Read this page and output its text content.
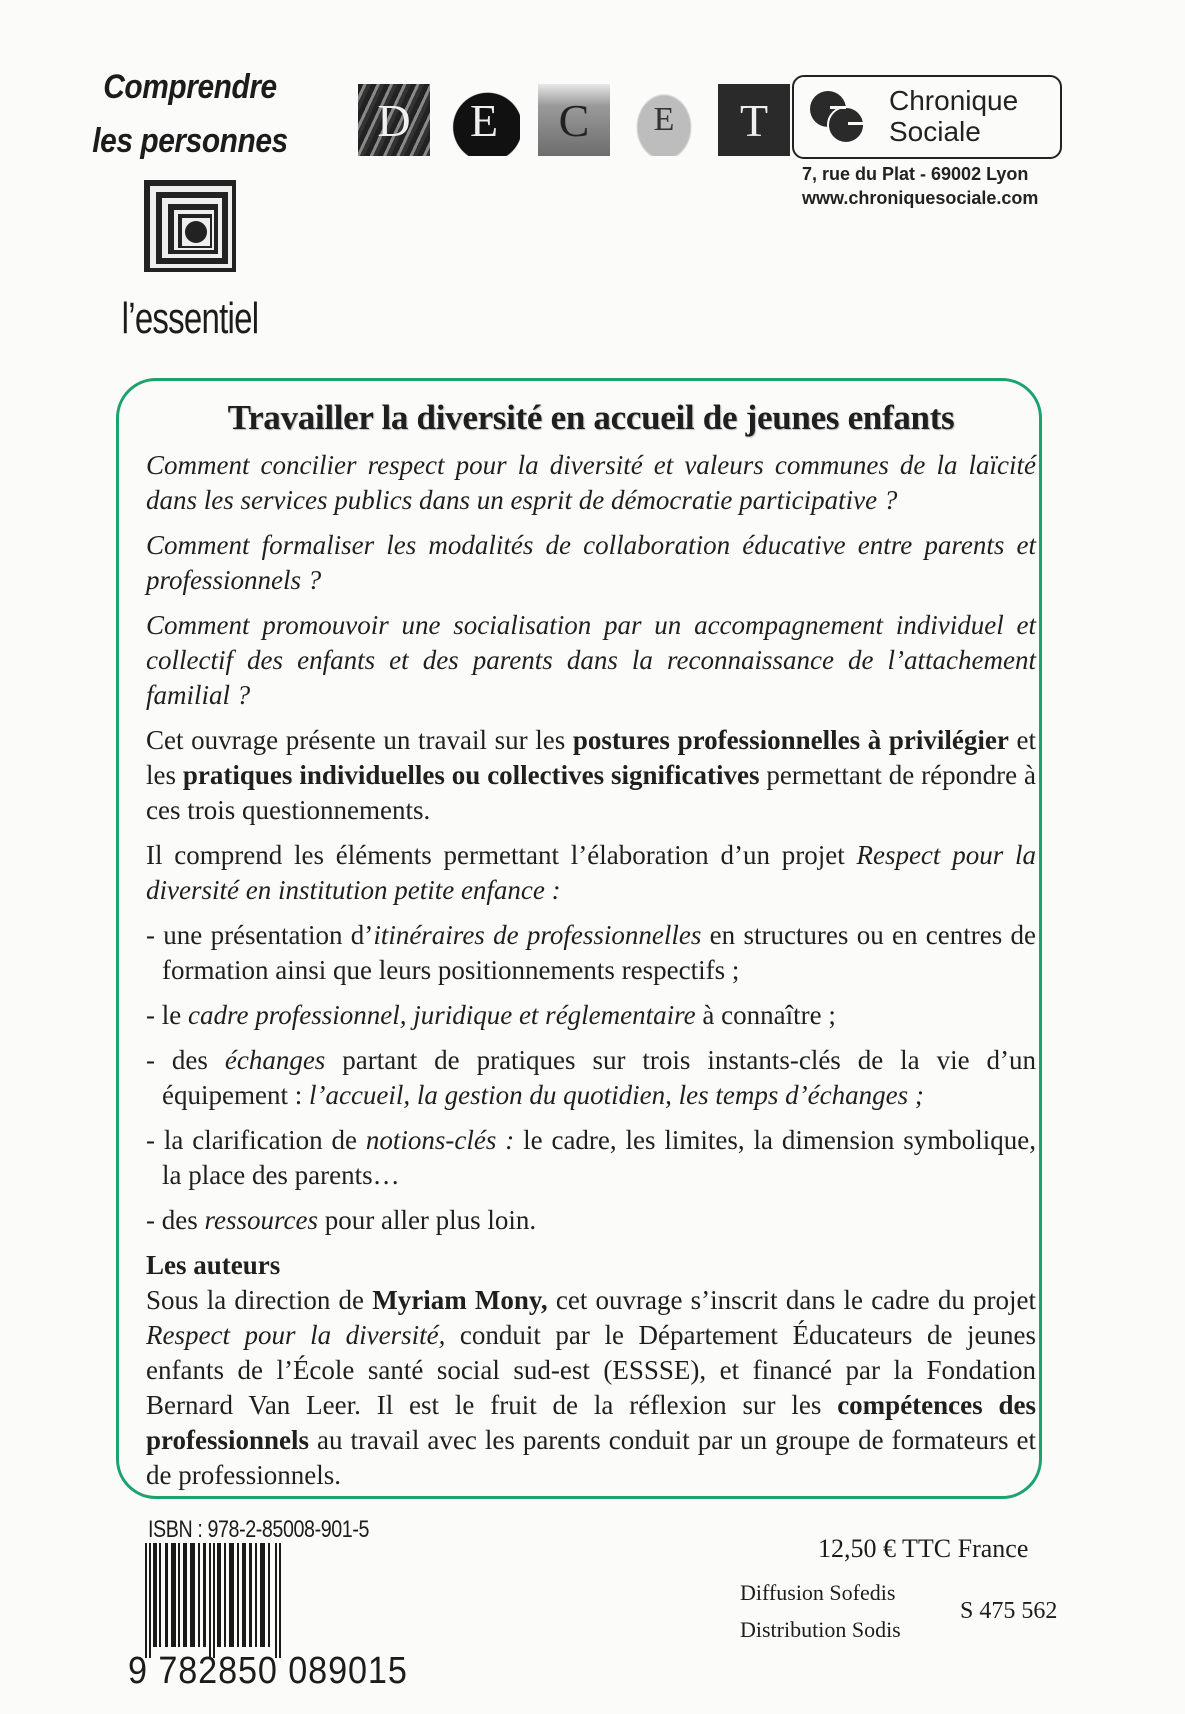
Comprendre
les personnes
l’essentiel
D	E	C	E	T	Chronique
Sociale
7, rue du Plat - 69002 Lyon
www.chroniquesociale.com
Travailler la diversité en accueil de jeunes enfants

Comment concilier respect pour la diversité et valeurs communes de la laïcité dans les services publics dans un esprit de démocratie participative ?

Comment formaliser les modalités de collaboration éducative entre parents et professionnels ?

Comment promouvoir une socialisation par un accompagnement individuel et collectif des enfants et des parents dans la reconnaissance de l’attachement familial ?

Cet ouvrage présente un travail sur les postures professionnelles à privilégier et les pratiques individuelles ou collectives significatives permettant de répondre à ces trois questionnements.

Il comprend les éléments permettant l’élaboration d’un projet Respect pour la diversité en institution petite enfance :

- une présentation d’itinéraires de professionnelles en structures ou en centres de formation ainsi que leurs positionnements respectifs ;

- le cadre professionnel, juridique et réglementaire à connaître ;

- des échanges partant de pratiques sur trois instants-clés de la vie d’un équipement : l’accueil, la gestion du quotidien, les temps d’échanges ;

- la clarification de notions-clés : le cadre, les limites, la dimension symbolique, la place des parents…

- des ressources pour aller plus loin.

Les auteurs

Sous la direction de Myriam Mony, cet ouvrage s’inscrit dans le cadre du projet Respect pour la diversité, conduit par le Département Éducateurs de jeunes enfants de l’École santé social sud-est (ESSSE), et financé par la Fondation Bernard Van Leer. Il est le fruit de la réflexion sur les compétences des professionnels au travail avec les parents conduit par un groupe de formateurs et de professionnels.

ISBN : 978-2-85008-901-5
9 782850 089015
12,50 € TTC France
Diffusion Sofedis
Distribution Sodis
S 475 562
